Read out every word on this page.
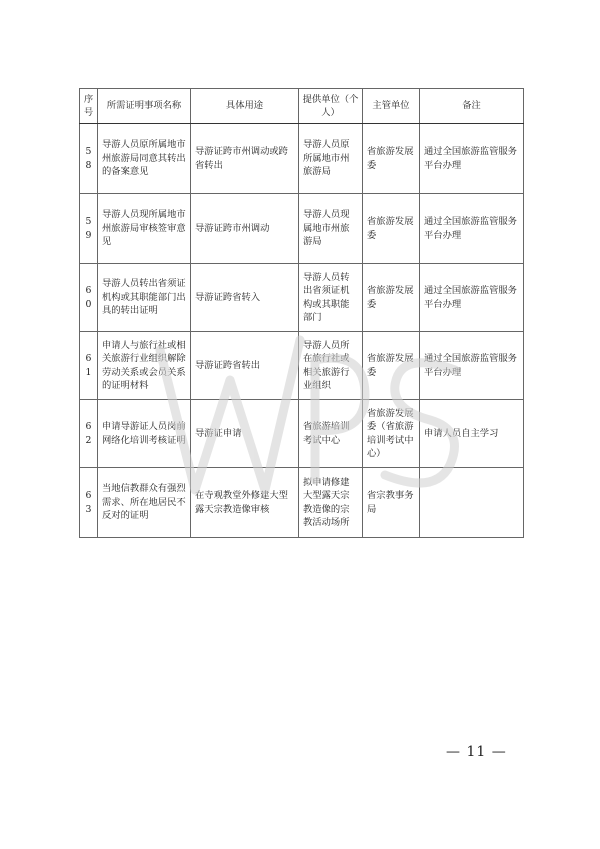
序号	所需证明事项名称	具体用途	提供单位（个人）	主管单位	备注
58	导游人员原所属地市州旅游局同意其转出的备案意见	导游证跨市州调动或跨省转出	导游人员原所属地市州旅游局	省旅游发展委	通过全国旅游监管服务平台办理
59	导游人员现所属地市州旅游局审核签审意见	导游证跨市州调动	导游人员现属地市州旅游局	省旅游发展委	通过全国旅游监管服务平台办理
60	导游人员转出省须证机构或其职能部门出具的转出证明	导游证跨省转入	导游人员转出省须证机构或其职能部门	省旅游发展委	通过全国旅游监管服务平台办理
61	申请人与旅行社或相关旅游行业组织解除劳动关系或会员关系的证明材料	导游证跨省转出	导游人员所在旅行社或相关旅游行业组织	省旅游发展委	通过全国旅游监管服务平台办理
62	申请导游证人员岗前网络化培训考核证明	导游证申请	省旅游培训考试中心	省旅游发展委（省旅游培训考试中心）	申请人员自主学习
63	当地信教群众有强烈需求、所在地居民不反对的证明	在寺观教堂外修建大型露天宗教造像审核	拟申请修建大型露天宗教造像的宗教活动场所	省宗教事务局	
— 11 —
